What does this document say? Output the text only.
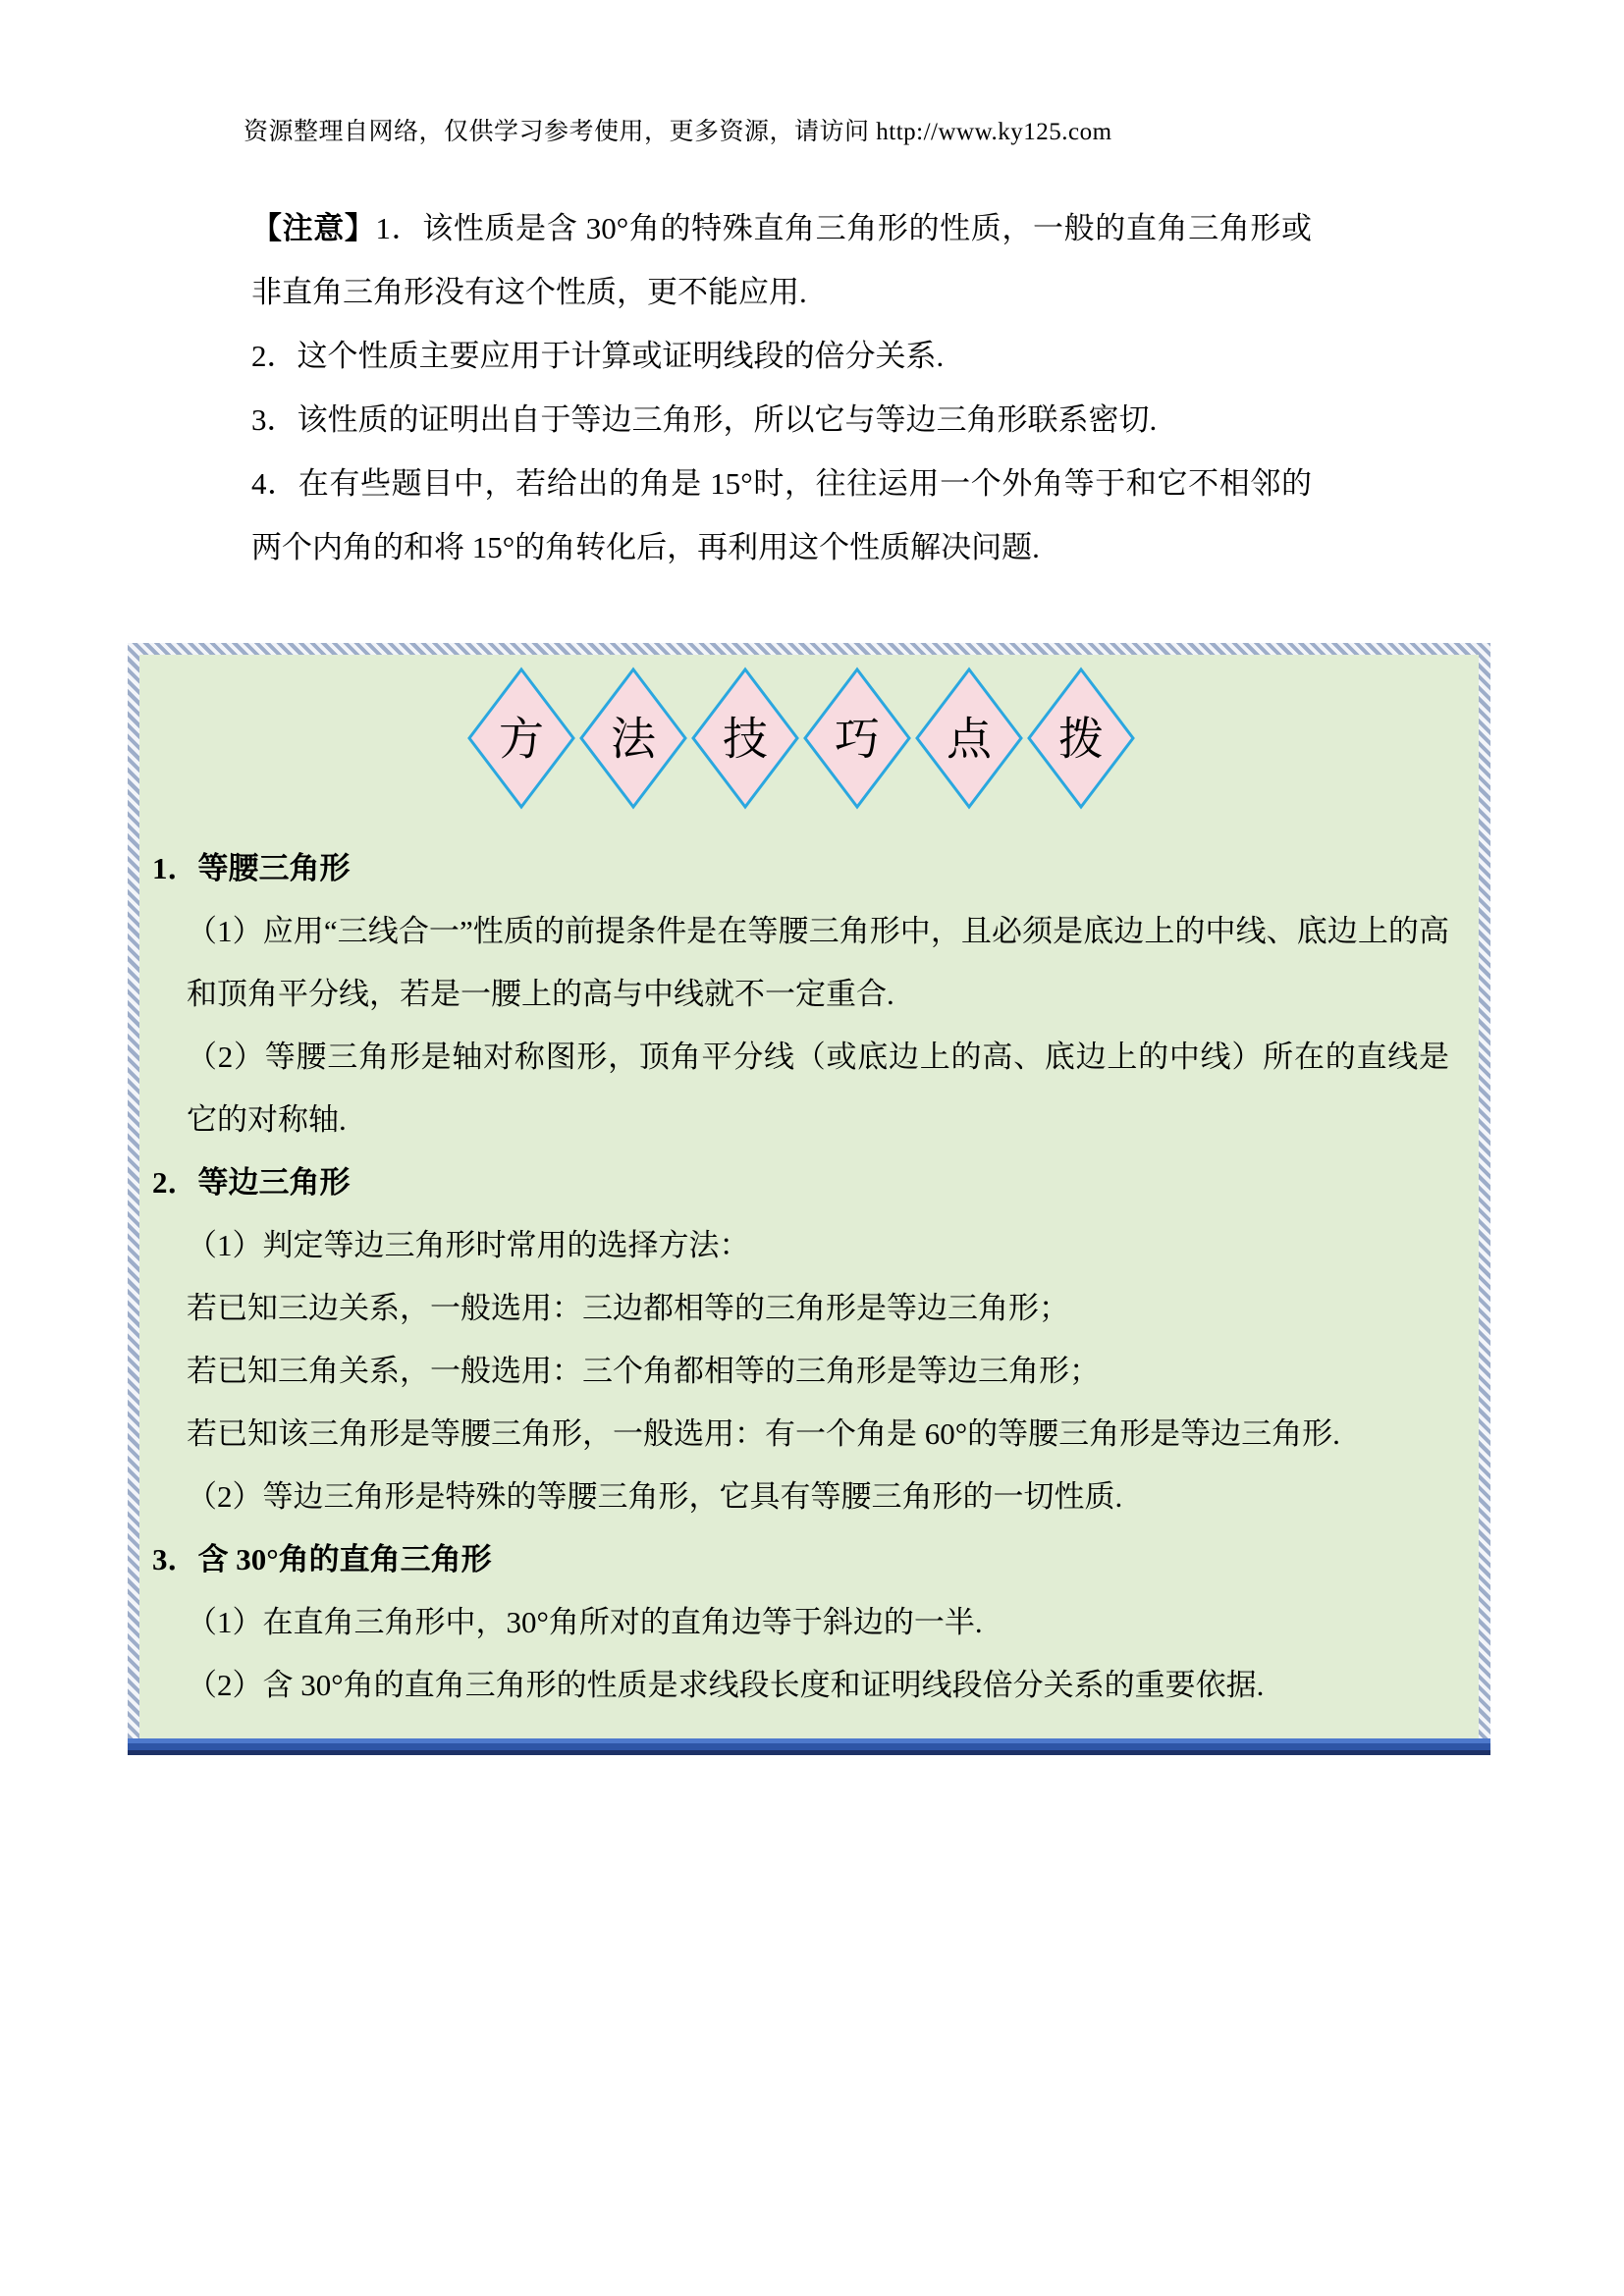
资源整理自网络，仅供学习参考使用，更多资源，请访问 http://www.ky125.com

【注意】1．该性质是含 30°角的特殊直角三角形的性质，一般的直角三角形或非直角三角形没有这个性质，更不能应用.

2．这个性质主要应用于计算或证明线段的倍分关系.

3．该性质的证明出自于等边三角形，所以它与等边三角形联系密切.

4．在有些题目中，若给出的角是 15°时，往往运用一个外角等于和它不相邻的两个内角的和将 15°的角转化后，再利用这个性质解决问题.

方 法 技 巧 点 拨

1．等腰三角形

（1）应用“三线合一”性质的前提条件是在等腰三角形中，且必须是底边上的中线、底边上的高和顶角平分线，若是一腰上的高与中线就不一定重合.

（2）等腰三角形是轴对称图形，顶角平分线（或底边上的高、底边上的中线）所在的直线是它的对称轴.

2．等边三角形

（1）判定等边三角形时常用的选择方法：

若已知三边关系，一般选用：三边都相等的三角形是等边三角形；

若已知三角关系，一般选用：三个角都相等的三角形是等边三角形；

若已知该三角形是等腰三角形，一般选用：有一个角是 60°的等腰三角形是等边三角形.

（2）等边三角形是特殊的等腰三角形，它具有等腰三角形的一切性质.

3．含 30°角的直角三角形

（1）在直角三角形中，30°角所对的直角边等于斜边的一半.

（2）含 30°角的直角三角形的性质是求线段长度和证明线段倍分关系的重要依据.
